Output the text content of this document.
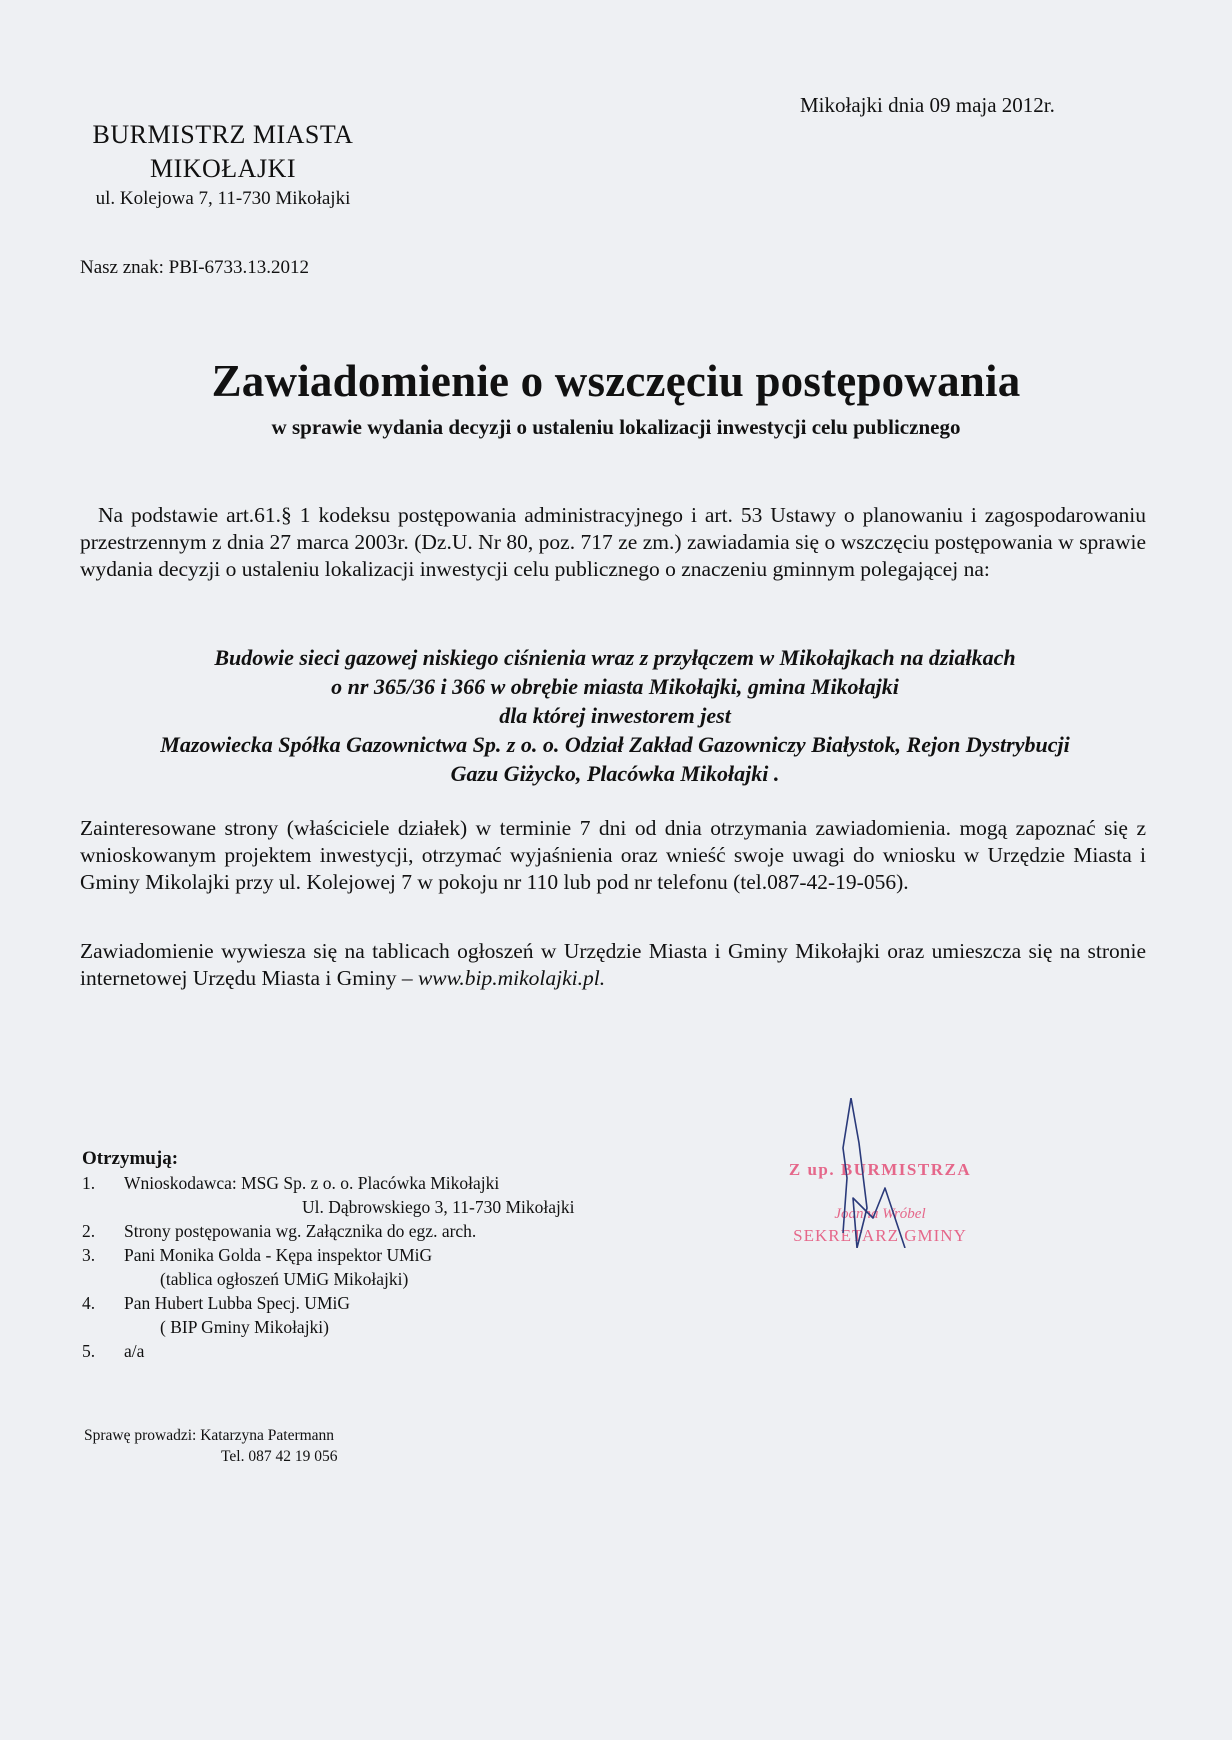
Mikołajki dnia 09 maja 2012r.
BURMISTRZ MIASTA
MIKOŁAJKI
ul. Kolejowa 7, 11-730 Mikołajki
Nasz znak: PBI-6733.13.2012
Zawiadomienie o wszczęciu postępowania
w sprawie wydania decyzji o ustaleniu lokalizacji inwestycji celu publicznego
Na podstawie art.61.§ 1 kodeksu postępowania administracyjnego i art. 53 Ustawy o planowaniu i zagospodarowaniu przestrzennym z dnia 27 marca 2003r. (Dz.U. Nr 80, poz. 717 ze zm.) zawiadamia się o wszczęciu postępowania w sprawie wydania decyzji o ustaleniu lokalizacji inwestycji celu publicznego o znaczeniu gminnym polegającej na:
Budowie sieci gazowej niskiego ciśnienia wraz z przyłączem w Mikołajkach na działkach
o nr 365/36 i 366 w obrębie miasta Mikołajki, gmina Mikołajki
dla której inwestorem jest
Mazowiecka Spółka Gazownictwa Sp. z o. o. Odział Zakład Gazowniczy Białystok, Rejon Dystrybucji
Gazu Giżycko, Placówka Mikołajki .
Zainteresowane strony (właściciele działek) w terminie 7 dni od dnia otrzymania zawiadomienia. mogą zapoznać się z wnioskowanym projektem inwestycji, otrzymać wyjaśnienia oraz wnieść swoje uwagi do wniosku w Urzędzie Miasta i Gminy Mikolajki przy ul. Kolejowej 7 w pokoju nr 110 lub pod nr telefonu (tel.087-42-19-056).
Zawiadomienie wywiesza się na tablicach ogłoszeń w Urzędzie Miasta i Gminy Mikołajki oraz umieszcza się na stronie internetowej Urzędu Miasta i Gminy – www.bip.mikolajki.pl.
Otrzymują:
1.	Wnioskodawca: MSG Sp. z o. o. Placówka Mikołajki
Ul. Dąbrowskiego 3, 11-730 Mikołajki
2.	Strony postępowania wg. Załącznika do egz. arch.
3.	Pani Monika Golda - Kępa inspektor UMiG
(tablica ogłoszeń UMiG Mikołajki)
4.	Pan Hubert Lubba Specj. UMiG
( BIP Gminy Mikołajki)
5.	a/a
Z up. BURMISTRZA
Joanna Wróbel
SEKRETARZ GMINY
Sprawę prowadzi: Katarzyna Patermann
Tel. 087 42 19 056
